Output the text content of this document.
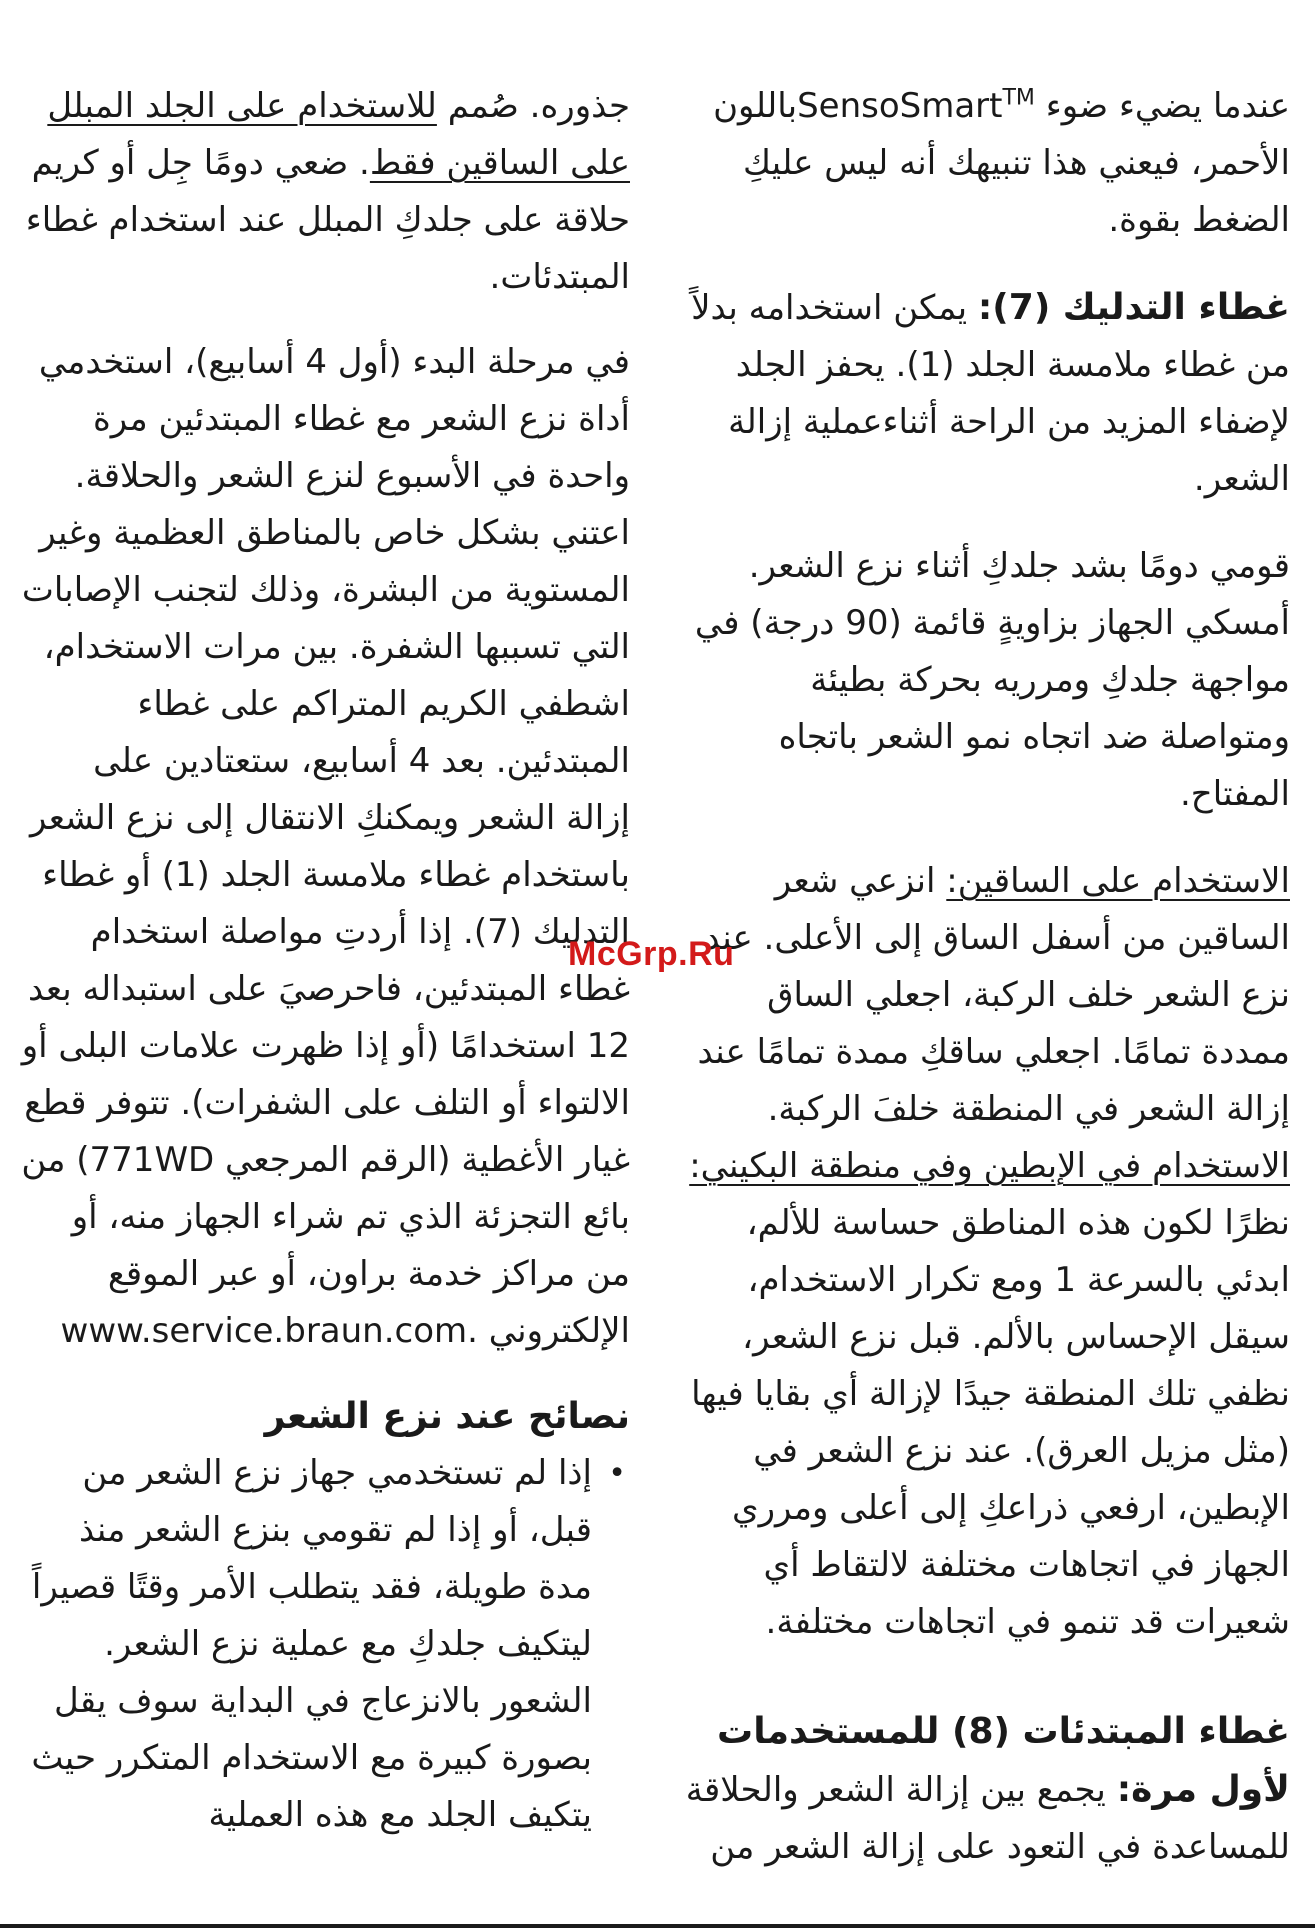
عندما يضيء ضوء SensoSmart™باللون الأحمر، فيعني هذا تنبيهك أنه ليس عليكِ الضغط بقوة.

غطاء التدليك (7): يمكن استخدامه بدلاً من غطاء ملامسة الجلد (1). يحفز الجلد لإضفاء المزيد من الراحة أثناءعملية إزالة الشعر.

قومي دومًا بشد جلدكِ أثناء نزع الشعر. أمسكي الجهاز بزاويةٍ قائمة (90 درجة) في مواجهة جلدكِ ومرريه بحركة بطيئة ومتواصلة ضد اتجاه نمو الشعر باتجاه المفتاح.

الاستخدام على الساقين: انزعي شعر الساقين من أسفل الساق إلى الأعلى. عند نزع الشعر خلف الركبة، اجعلي الساق ممددة تمامًا. اجعلي ساقكِ ممدة تمامًا عند إزالة الشعر في المنطقة خلفَ الركبة.

الاستخدام في الإبطين وفي منطقة البكيني: نظرًا لكون هذه المناطق حساسة للألم، ابدئي بالسرعة 1 ومع تكرار الاستخدام، سيقل الإحساس بالألم. قبل نزع الشعر، نظفي تلك المنطقة جيدًا لإزالة أي بقايا فيها (مثل مزيل العرق). عند نزع الشعر في الإبطين، ارفعي ذراعكِ إلى أعلى ومرري الجهاز في اتجاهات مختلفة لالتقاط أي شعيرات قد تنمو في اتجاهات مختلفة.

غطاء المبتدئات (8) للمستخدمات لأول مرة: يجمع بين إزالة الشعر والحلاقة للمساعدة في التعود على إزالة الشعر من

جذوره. صُمم للاستخدام على الجلد المبلل على الساقين فقط. ضعي دومًا جِل أو كريم حلاقة على جلدكِ المبلل عند استخدام غطاء المبتدئات.

في مرحلة البدء (أول 4 أسابيع)، استخدمي أداة نزع الشعر مع غطاء المبتدئين مرة واحدة في الأسبوع لنزع الشعر والحلاقة. اعتني بشكل خاص بالمناطق العظمية وغير المستوية من البشرة، وذلك لتجنب الإصابات التي تسببها الشفرة. بين مرات الاستخدام، اشطفي الكريم المتراكم على غطاء المبتدئين. بعد 4 أسابيع، ستعتادين على إزالة الشعر ويمكنكِ الانتقال إلى نزع الشعر باستخدام غطاء ملامسة الجلد (1) أو غطاء التدليك (7). إذا أردتِ مواصلة استخدام غطاء المبتدئين، فاحرصيَ على استبداله بعد 12 استخدامًا (أو إذا ظهرت علامات البلى أو الالتواء أو التلف على الشفرات). تتوفر قطع غيار الأغطية (الرقم المرجعي 771WD) من بائع التجزئة الذي تم شراء الجهاز منه، أو من مراكز خدمة براون، أو عبر الموقع الإلكتروني www.service.braun.com.

نصائح عند نزع الشعر

•
إذا لم تستخدمي جهاز نزع الشعر من قبل، أو إذا لم تقومي بنزع الشعر منذ مدة طويلة، فقد يتطلب الأمر وقتًا قصيراً ليتكيف جلدكِ مع عملية نزع الشعر. الشعور بالانزعاج في البداية سوف يقل بصورة كبيرة مع الاستخدام المتكرر حيث يتكيف الجلد مع هذه العملية
McGrp.Ru
